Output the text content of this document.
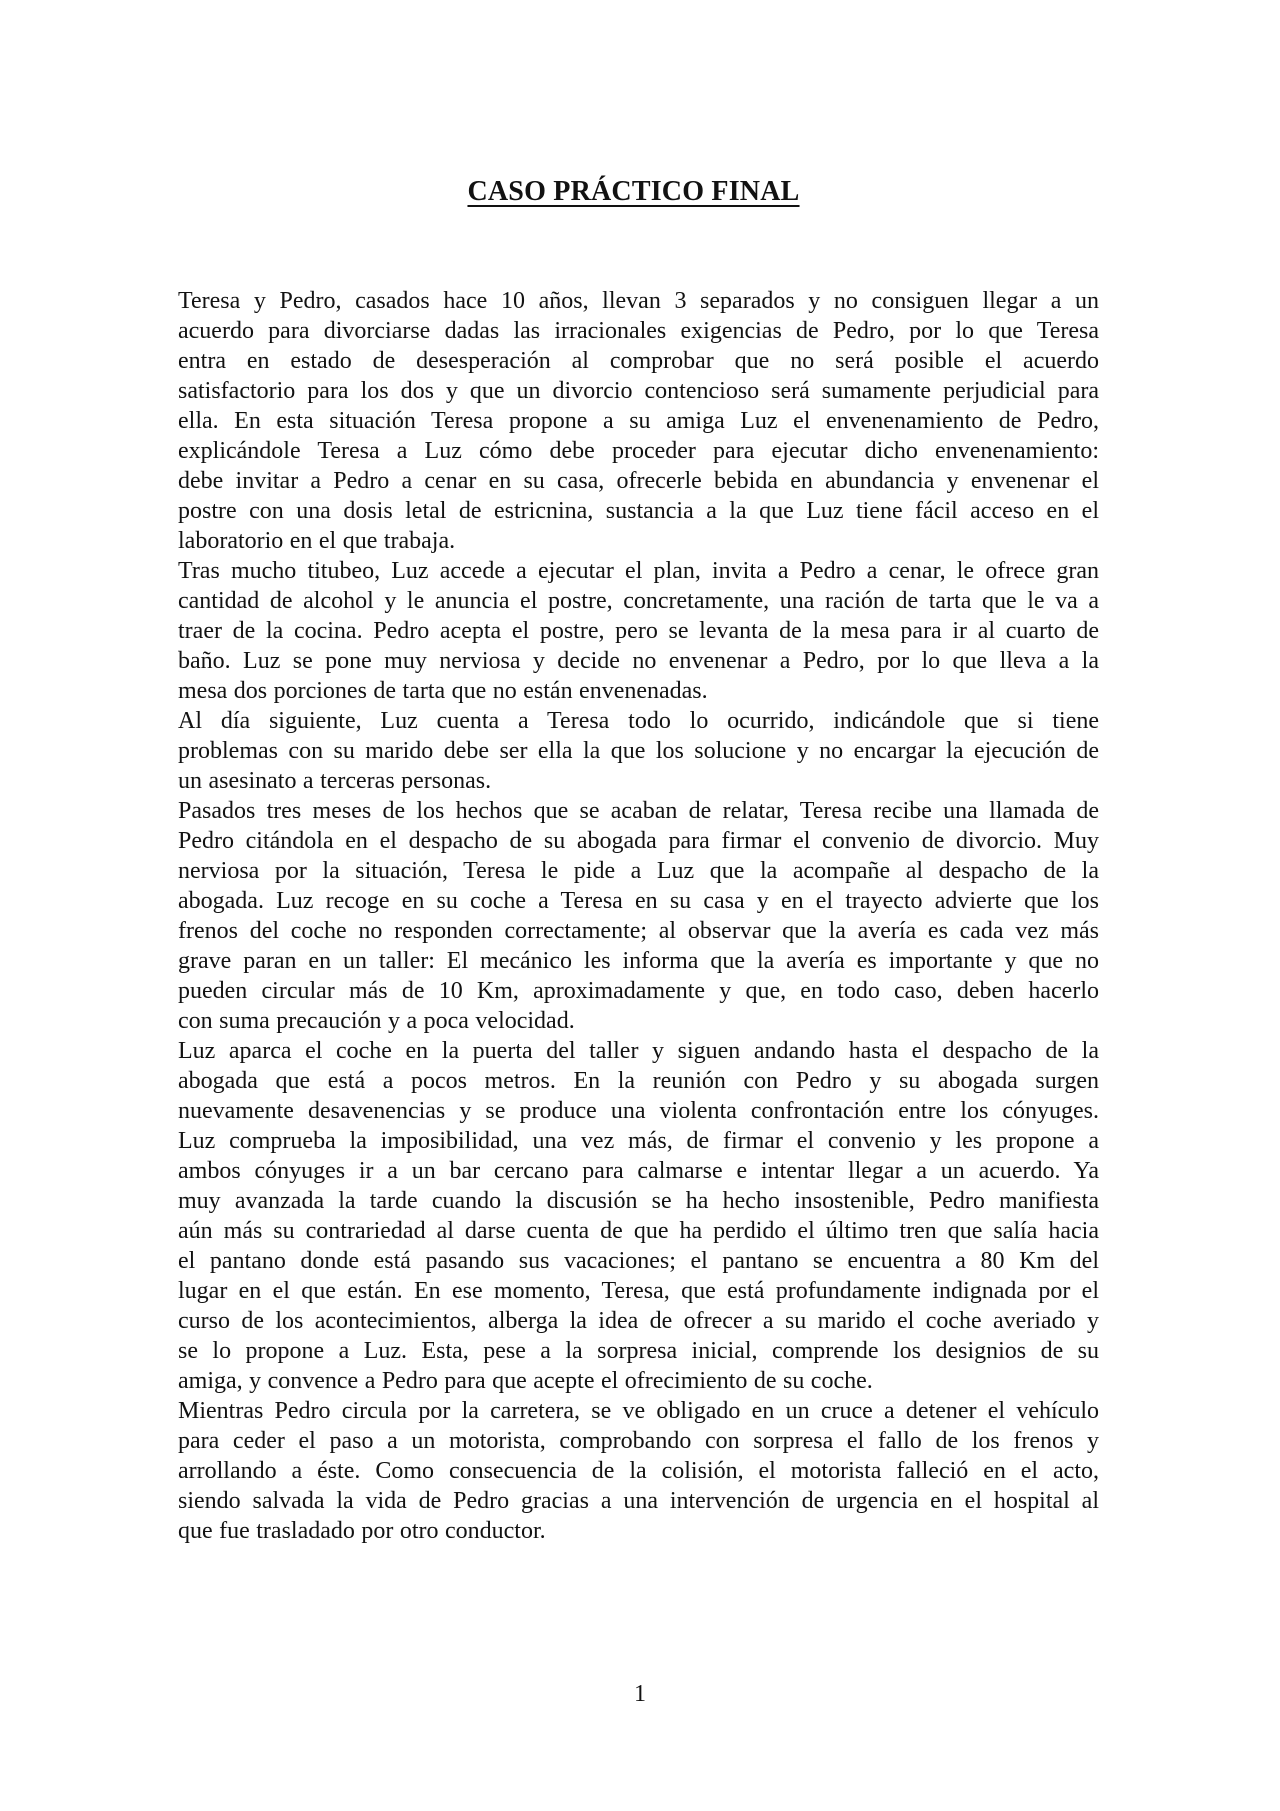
CASO PRÁCTICO FINAL
Teresa y Pedro, casados hace 10 años, llevan 3 separados y no consiguen llegar a un
acuerdo para divorciarse dadas las irracionales exigencias de Pedro, por lo que Teresa
entra en estado de desesperación al comprobar que no será posible el acuerdo
satisfactorio para los dos y que un divorcio contencioso será sumamente perjudicial para
ella. En esta situación Teresa propone a su amiga Luz el envenenamiento de Pedro,
explicándole Teresa a Luz cómo debe proceder para ejecutar dicho envenenamiento:
debe invitar a Pedro a cenar en su casa, ofrecerle bebida en abundancia y envenenar el
postre con una dosis letal de estricnina, sustancia a la que Luz tiene fácil acceso en el
laboratorio en el que trabaja.
Tras mucho titubeo, Luz accede a ejecutar el plan, invita a Pedro a cenar, le ofrece gran
cantidad de alcohol y le anuncia el postre, concretamente, una ración de tarta que le va a
traer de la cocina. Pedro acepta el postre, pero se levanta de la mesa para ir al cuarto de
baño. Luz se pone muy nerviosa y decide no envenenar a Pedro, por lo que lleva a la
mesa dos porciones de tarta que no están envenenadas.
Al día siguiente, Luz cuenta a Teresa todo lo ocurrido, indicándole que si tiene
problemas con su marido debe ser ella la que los solucione y no encargar la ejecución de
un asesinato a terceras personas.
Pasados tres meses de los hechos que se acaban de relatar, Teresa recibe una llamada de
Pedro citándola en el despacho de su abogada para firmar el convenio de divorcio. Muy
nerviosa por la situación, Teresa le pide a Luz que la acompañe al despacho de la
abogada. Luz recoge en su coche a Teresa en su casa y en el trayecto advierte que los
frenos del coche no responden correctamente; al observar que la avería es cada vez más
grave paran en un taller: El mecánico les informa que la avería es importante y que no
pueden circular más de 10 Km, aproximadamente y que, en todo caso, deben hacerlo
con suma precaución y a poca velocidad.
Luz aparca el coche en la puerta del taller y siguen andando hasta el despacho de la
abogada que está a pocos metros. En la reunión con Pedro y su abogada surgen
nuevamente desavenencias y se produce una violenta confrontación entre los cónyuges.
Luz comprueba la imposibilidad, una vez más, de firmar el convenio y les propone a
ambos cónyuges ir a un bar cercano para calmarse e intentar llegar a un acuerdo. Ya
muy avanzada la tarde cuando la discusión se ha hecho insostenible, Pedro manifiesta
aún más su contrariedad al darse cuenta de que ha perdido el último tren que salía hacia
el pantano donde está pasando sus vacaciones; el pantano se encuentra a 80 Km del
lugar en el que están. En ese momento, Teresa, que está profundamente indignada por el
curso de los acontecimientos, alberga la idea de ofrecer a su marido el coche averiado y
se lo propone a Luz. Esta, pese a la sorpresa inicial, comprende los designios de su
amiga, y convence a Pedro para que acepte el ofrecimiento de su coche.
Mientras Pedro circula por la carretera, se ve obligado en un cruce a detener el vehículo
para ceder el paso a un motorista, comprobando con sorpresa el fallo de los frenos y
arrollando a éste. Como consecuencia de la colisión, el motorista falleció en el acto,
siendo salvada la vida de Pedro gracias a una intervención de urgencia en el hospital al
que fue trasladado por otro conductor.
1
